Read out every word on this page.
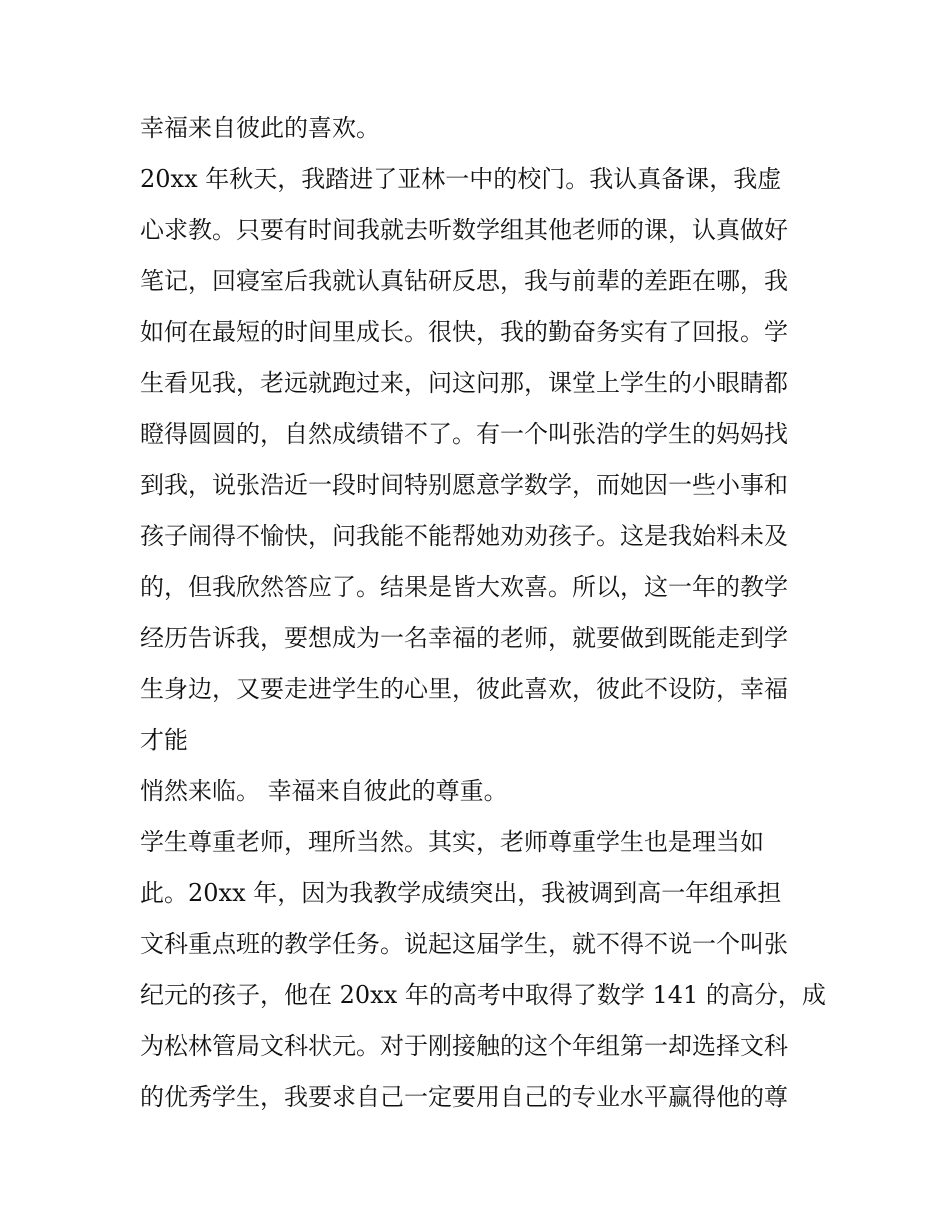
幸福来自彼此的喜欢。
20xx 年秋天，我踏进了亚林一中的校门。我认真备课，我虚
心求教。只要有时间我就去听数学组其他老师的课，认真做好
笔记，回寝室后我就认真钻研反思，我与前辈的差距在哪，我
如何在最短的时间里成长。很快，我的勤奋务实有了回报。学
生看见我，老远就跑过来，问这问那，课堂上学生的小眼睛都
瞪得圆圆的，自然成绩错不了。有一个叫张浩的学生的妈妈找
到我，说张浩近一段时间特别愿意学数学，而她因一些小事和
孩子闹得不愉快，问我能不能帮她劝劝孩子。这是我始料未及
的，但我欣然答应了。结果是皆大欢喜。所以，这一年的教学
经历告诉我，要想成为一名幸福的老师，就要做到既能走到学
生身边，又要走进学生的心里，彼此喜欢，彼此不设防，幸福
才能
悄然来临。 幸福来自彼此的尊重。
学生尊重老师，理所当然。其实，老师尊重学生也是理当如
此。20xx 年，因为我教学成绩突出，我被调到高一年组承担
文科重点班的教学任务。说起这届学生，就不得不说一个叫张
纪元的孩子，他在 20xx 年的高考中取得了数学 141 的高分，成
为松林管局文科状元。对于刚接触的这个年组第一却选择文科
的优秀学生，我要求自己一定要用自己的专业水平赢得他的尊
